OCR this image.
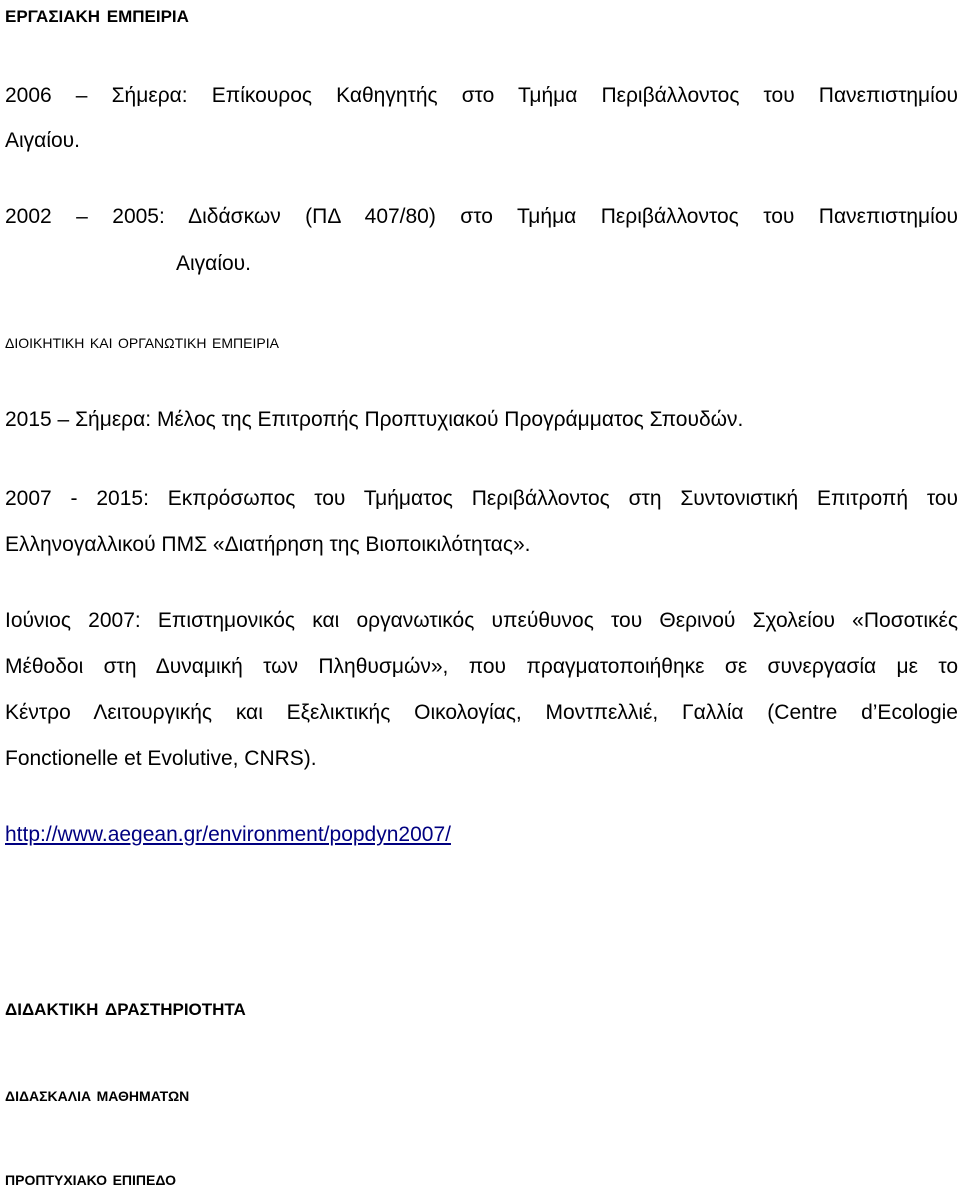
εργασιακη εμπειρια
2006 – Σήμερα: Επίκουρος Καθηγητής στο Τμήμα Περιβάλλοντος του Πανεπιστημίου
Αιγαίου.
2002 – 2005: Διδάσκων (ΠΔ 407/80) στο Τμήμα Περιβάλλοντος του Πανεπιστημίου
Αιγαίου.
διοικητικη και οργανωτικη εμπειρια
2015 – Σήμερα: Μέλος της Επιτροπής Προπτυχιακού Προγράμματος Σπουδών.
2007 - 2015: Εκπρόσωπος του Τμήματος Περιβάλλοντος στη Συντονιστική Επιτροπή του
Ελληνογαλλικού ΠΜΣ «Διατήρηση της Βιοποικιλότητας».
Ιούνιος 2007: Επιστημονικός και οργανωτικός υπεύθυνος του Θερινού Σχολείου «Ποσοτικές
Μέθοδοι στη Δυναμική των Πληθυσμών», που πραγματοποιήθηκε σε συνεργασία με το
Κέντρο Λειτουργικής και Εξελικτικής Οικολογίας, Μοντπελλιέ, Γαλλία (Centre d’Ecologie
Fonctionelle et Evolutive, CNRS).
http://www.aegean.gr/environment/popdyn2007/
διδακτικη δραστηριοτητα
διδασκαλια μαθηματων
προπτυχιακο επιπεδο
